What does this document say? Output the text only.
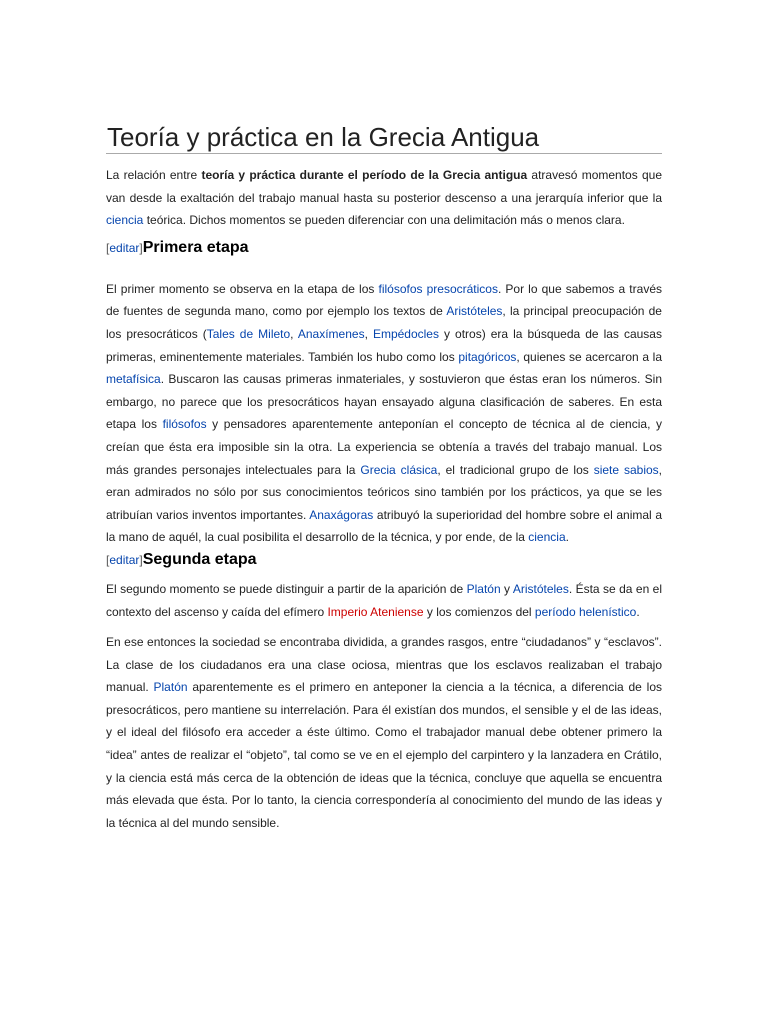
Teoría y práctica en la Grecia Antigua

La relación entre teoría y práctica durante el período de la Grecia antigua atravesó momentos que van desde la exaltación del trabajo manual hasta su posterior descenso a una jerarquía inferior que la ciencia teórica. Dichos momentos se pueden diferenciar con una delimitación más o menos clara.

[editar]Primera etapa

El primer momento se observa en la etapa de los filósofos presocráticos. Por lo que sabemos a través de fuentes de segunda mano, como por ejemplo los textos de Aristóteles, la principal preocupación de los presocráticos (Tales de Mileto, Anaxímenes, Empédocles y otros) era la búsqueda de las causas primeras, eminentemente materiales. También los hubo como los pitagóricos, quienes se acercaron a la metafísica. Buscaron las causas primeras inmateriales, y sostuvieron que éstas eran los números. Sin embargo, no parece que los presocráticos hayan ensayado alguna clasificación de saberes. En esta etapa los filósofos y pensadores aparentemente anteponían el concepto de técnica al de ciencia, y creían que ésta era imposible sin la otra. La experiencia se obtenía a través del trabajo manual. Los más grandes personajes intelectuales para la Grecia clásica, el tradicional grupo de los siete sabios, eran admirados no sólo por sus conocimientos teóricos sino también por los prácticos, ya que se les atribuían varios inventos importantes. Anaxágoras atribuyó la superioridad del hombre sobre el animal a la mano de aquél, la cual posibilita el desarrollo de la técnica, y por ende, de la ciencia.

[editar]Segunda etapa

El segundo momento se puede distinguir a partir de la aparición de Platón y Aristóteles. Ésta se da en el contexto del ascenso y caída del efímero Imperio Ateniense y los comienzos del período helenístico.

En ese entonces la sociedad se encontraba dividida, a grandes rasgos, entre “ciudadanos” y “esclavos”. La clase de los ciudadanos era una clase ociosa, mientras que los esclavos realizaban el trabajo manual. Platón aparentemente es el primero en anteponer la ciencia a la técnica, a diferencia de los presocráticos, pero mantiene su interrelación. Para él existían dos mundos, el sensible y el de las ideas, y el ideal del filósofo era acceder a éste último. Como el trabajador manual debe obtener primero la “idea” antes de realizar el “objeto”, tal como se ve en el ejemplo del carpintero y la lanzadera en Crátilo, y la ciencia está más cerca de la obtención de ideas que la técnica, concluye que aquella se encuentra más elevada que ésta. Por lo tanto, la ciencia correspondería al conocimiento del mundo de las ideas y la técnica al del mundo sensible.
